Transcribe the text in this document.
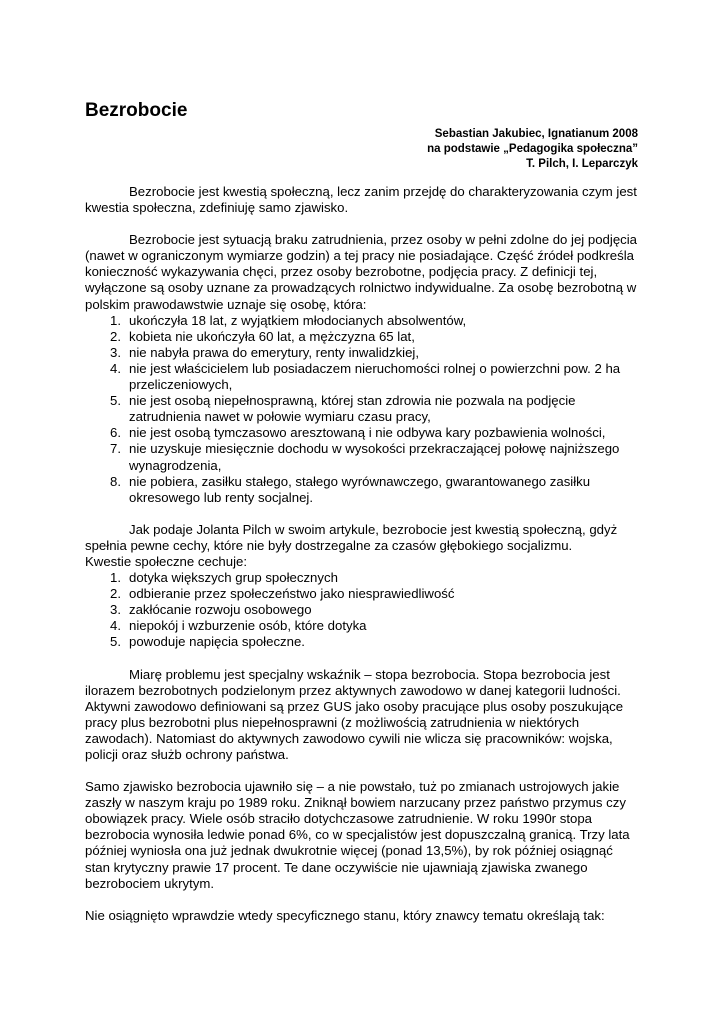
Bezrobocie
Sebastian Jakubiec, Ignatianum 2008
na podstawie „Pedagogika społeczna”
T. Pilch, I. Leparczyk

Bezrobocie jest kwestią społeczną, lecz zanim przejdę do charakteryzowania czym jest kwestia społeczna, zdefiniuję samo zjawisko.

Bezrobocie jest sytuacją braku zatrudnienia, przez osoby w pełni zdolne do jej podjęcia (nawet w ograniczonym wymiarze godzin) a tej pracy nie posiadające. Część źródeł podkreśla konieczność wykazywania chęci, przez osoby bezrobotne, podjęcia pracy. Z definicji tej, wyłączone są osoby uznane za prowadzących rolnictwo indywidualne. Za osobę bezrobotną w polskim prawodawstwie uznaje się osobę, która:

1. ukończyła 18 lat, z wyjątkiem młodocianych absolwentów,
2. kobieta nie ukończyła 60 lat, a mężczyzna 65 lat,
3. nie nabyła prawa do emerytury, renty inwalidzkiej,
4. nie jest właścicielem lub posiadaczem nieruchomości rolnej o powierzchni pow. 2 ha przeliczeniowych,
5. nie jest osobą niepełnosprawną, której stan zdrowia nie pozwala na podjęcie zatrudnienia nawet w połowie wymiaru czasu pracy,
6. nie jest osobą tymczasowo aresztowaną i nie odbywa kary pozbawienia wolności,
7. nie uzyskuje miesięcznie dochodu w wysokości przekraczającej połowę najniższego wynagrodzenia,
8. nie pobiera, zasiłku stałego, stałego wyrównawczego, gwarantowanego zasiłku okresowego lub renty socjalnej.

Jak podaje Jolanta Pilch w swoim artykule, bezrobocie jest kwestią społeczną, gdyż spełnia pewne cechy, które nie były dostrzegalne za czasów głębokiego socjalizmu.

Kwestie społeczne cechuje:

1. dotyka większych grup społecznych
2. odbieranie przez społeczeństwo jako niesprawiedliwość
3. zakłócanie rozwoju osobowego
4. niepokój i wzburzenie osób, które dotyka
5. powoduje napięcia społeczne.

Miarę problemu jest specjalny wskaźnik – stopa bezrobocia. Stopa bezrobocia jest ilorazem bezrobotnych podzielonym przez aktywnych zawodowo w danej kategorii ludności. Aktywni zawodowo definiowani są przez GUS jako osoby pracujące plus osoby poszukujące pracy plus bezrobotni plus niepełnosprawni (z możliwością zatrudnienia w niektórych zawodach). Natomiast do aktywnych zawodowo cywili nie wlicza się pracowników: wojska, policji oraz służb ochrony państwa.

Samo zjawisko bezrobocia ujawniło się – a nie powstało, tuż po zmianach ustrojowych jakie zaszły w naszym kraju po 1989 roku. Zniknął bowiem narzucany przez państwo przymus czy obowiązek pracy. Wiele osób straciło dotychczasowe zatrudnienie. W roku 1990r stopa bezrobocia wynosiła ledwie ponad 6%, co w specjalistów jest dopuszczalną granicą. Trzy lata później wyniosła ona już jednak dwukrotnie więcej (ponad 13,5%), by rok później osiągnąć stan krytyczny prawie 17 procent. Te dane oczywiście nie ujawniają zjawiska zwanego bezrobociem ukrytym.

Nie osiągnięto wprawdzie wtedy specyficznego stanu, który znawcy tematu określają tak:
